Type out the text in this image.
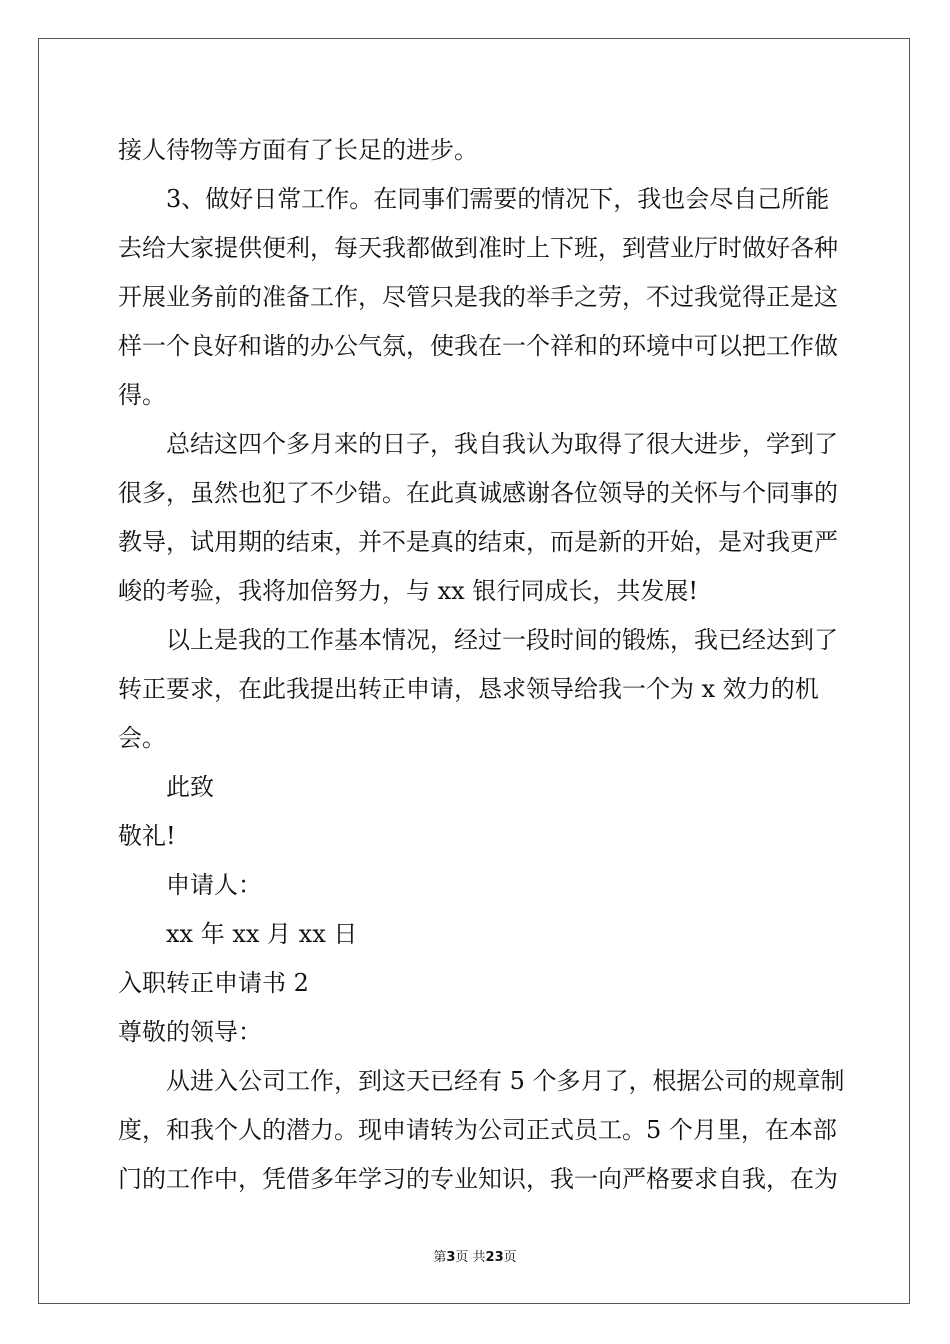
接人待物等方面有了长足的进步。

3、做好日常工作。在同事们需要的情况下，我也会尽自己所能去给大家提供便利，每天我都做到准时上下班，到营业厅时做好各种开展业务前的准备工作，尽管只是我的举手之劳，不过我觉得正是这样一个良好和谐的办公气氛，使我在一个祥和的环境中可以把工作做得。

总结这四个多月来的日子，我自我认为取得了很大进步，学到了很多，虽然也犯了不少错。在此真诚感谢各位领导的关怀与个同事的教导，试用期的结束，并不是真的结束，而是新的开始，是对我更严峻的考验，我将加倍努力，与 xx 银行同成长，共发展!

以上是我的工作基本情况，经过一段时间的锻炼，我已经达到了转正要求，在此我提出转正申请，恳求领导给我一个为 x 效力的机会。

此致

敬礼!

申请人：

xx 年 xx 月 xx 日

入职转正申请书 2

尊敬的领导：

从进入公司工作，到这天已经有 5 个多月了，根据公司的规章制度，和我个人的潜力。现申请转为公司正式员工。5 个月里，在本部门的工作中，凭借多年学习的专业知识，我一向严格要求自我，在为

第3页 共23页
